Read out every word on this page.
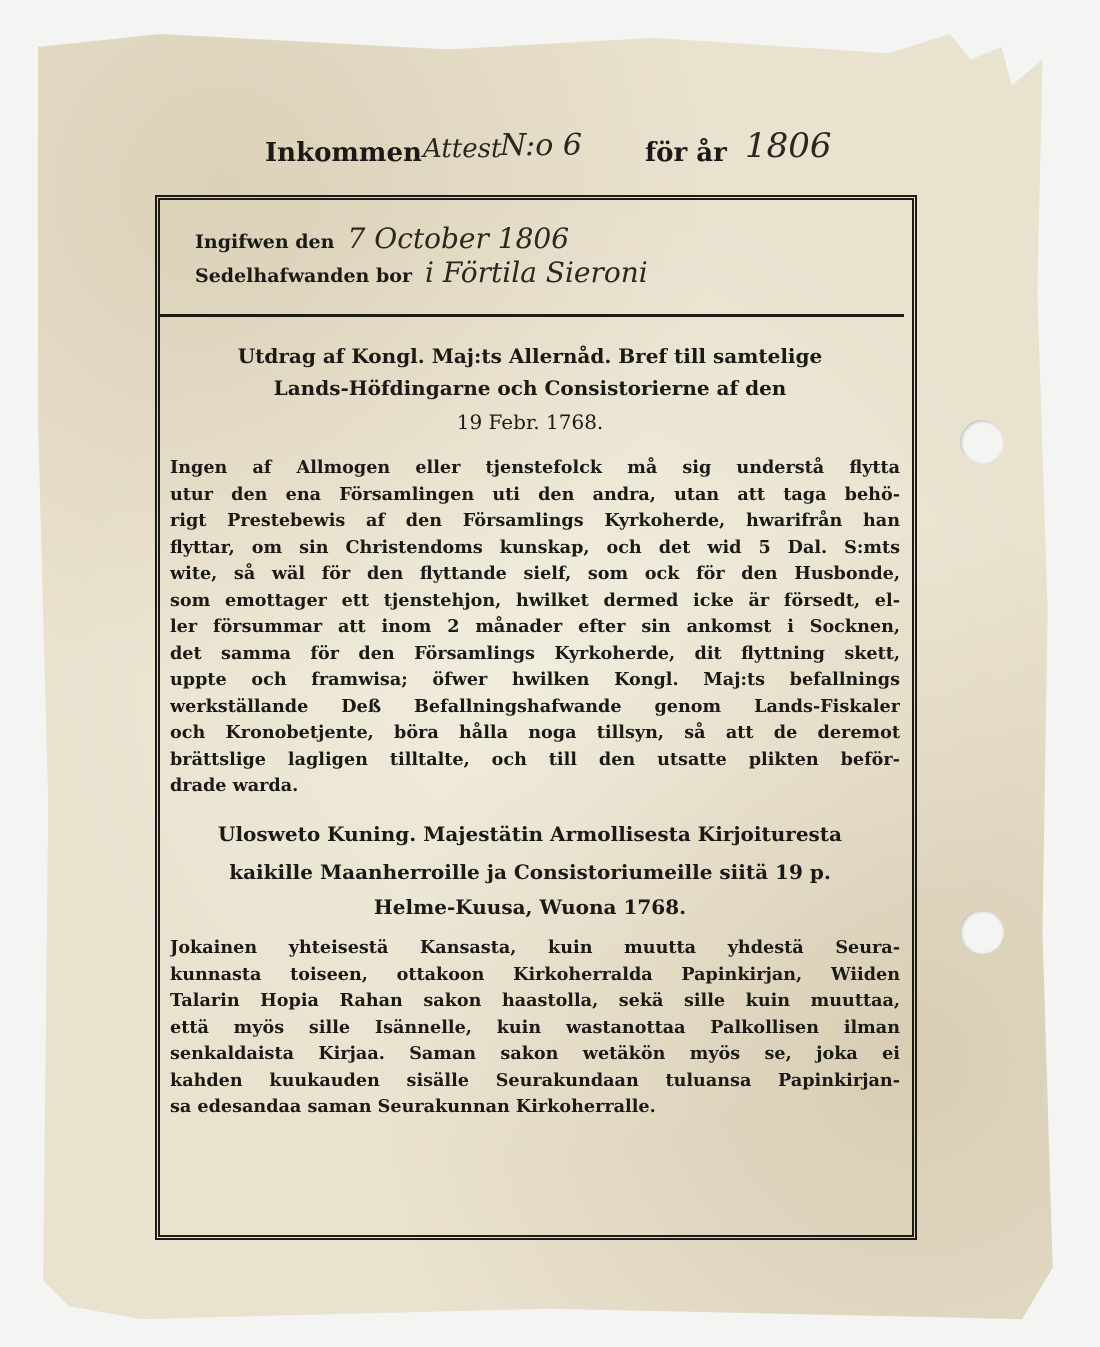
Inkommen Attest
N:o 6 för år 1806
Ingifwen den 7 October 1806
Sedelhafwanden bor i Förtila Sieroni
Utdrag af Kongl. Maj:ts Allernåd. Bref till samtelige
Lands-Höfdingarne och Consistorierne af den
19 Febr. 1768.
Ingen af Allmogen eller tjenstefolck må sig understå flytta
utur den ena Församlingen uti den andra, utan att taga behö-
rigt Prestebewis af den Församlings Kyrkoherde, hwarifrån han
flyttar, om sin Christendoms kunskap, och det wid 5 Dal. S:mts
wite, så wäl för den flyttande sielf, som ock för den Husbonde,
som emottager ett tjenstehjon, hwilket dermed icke är försedt, el-
ler försummar att inom 2 månader efter sin ankomst i Socknen,
det samma för den Församlings Kyrkoherde, dit flyttning skett,
uppte och framwisa; öfwer hwilken Kongl. Maj:ts befallnings
werkställande Deß Befallningshafwande genom Lands-Fiskaler
och Kronobetjente, böra hålla noga tillsyn, så att de deremot
brättslige lagligen tilltalte, och till den utsatte plikten beför-
drade warda.
Ulosweto Kuning. Majestätin Armollisesta Kirjoituresta
kaikille Maanherroille ja Consistoriumeille siitä 19 p.
Helme-Kuusa, Wuona 1768.
Jokainen yhteisestä Kansasta, kuin muutta yhdestä Seura-
kunnasta toiseen, ottakoon Kirkoherralda Papinkirjan, Wiiden
Talarin Hopia Rahan sakon haastolla, sekä sille kuin muuttaa,
että myös sille Isännelle, kuin wastanottaa Palkollisen ilman
senkaldaista Kirjaa. Saman sakon wetäkön myös se, joka ei
kahden kuukauden sisälle Seurakundaan tuluansa Papinkirjan-
sa edesandaa saman Seurakunnan Kirkoherralle.
